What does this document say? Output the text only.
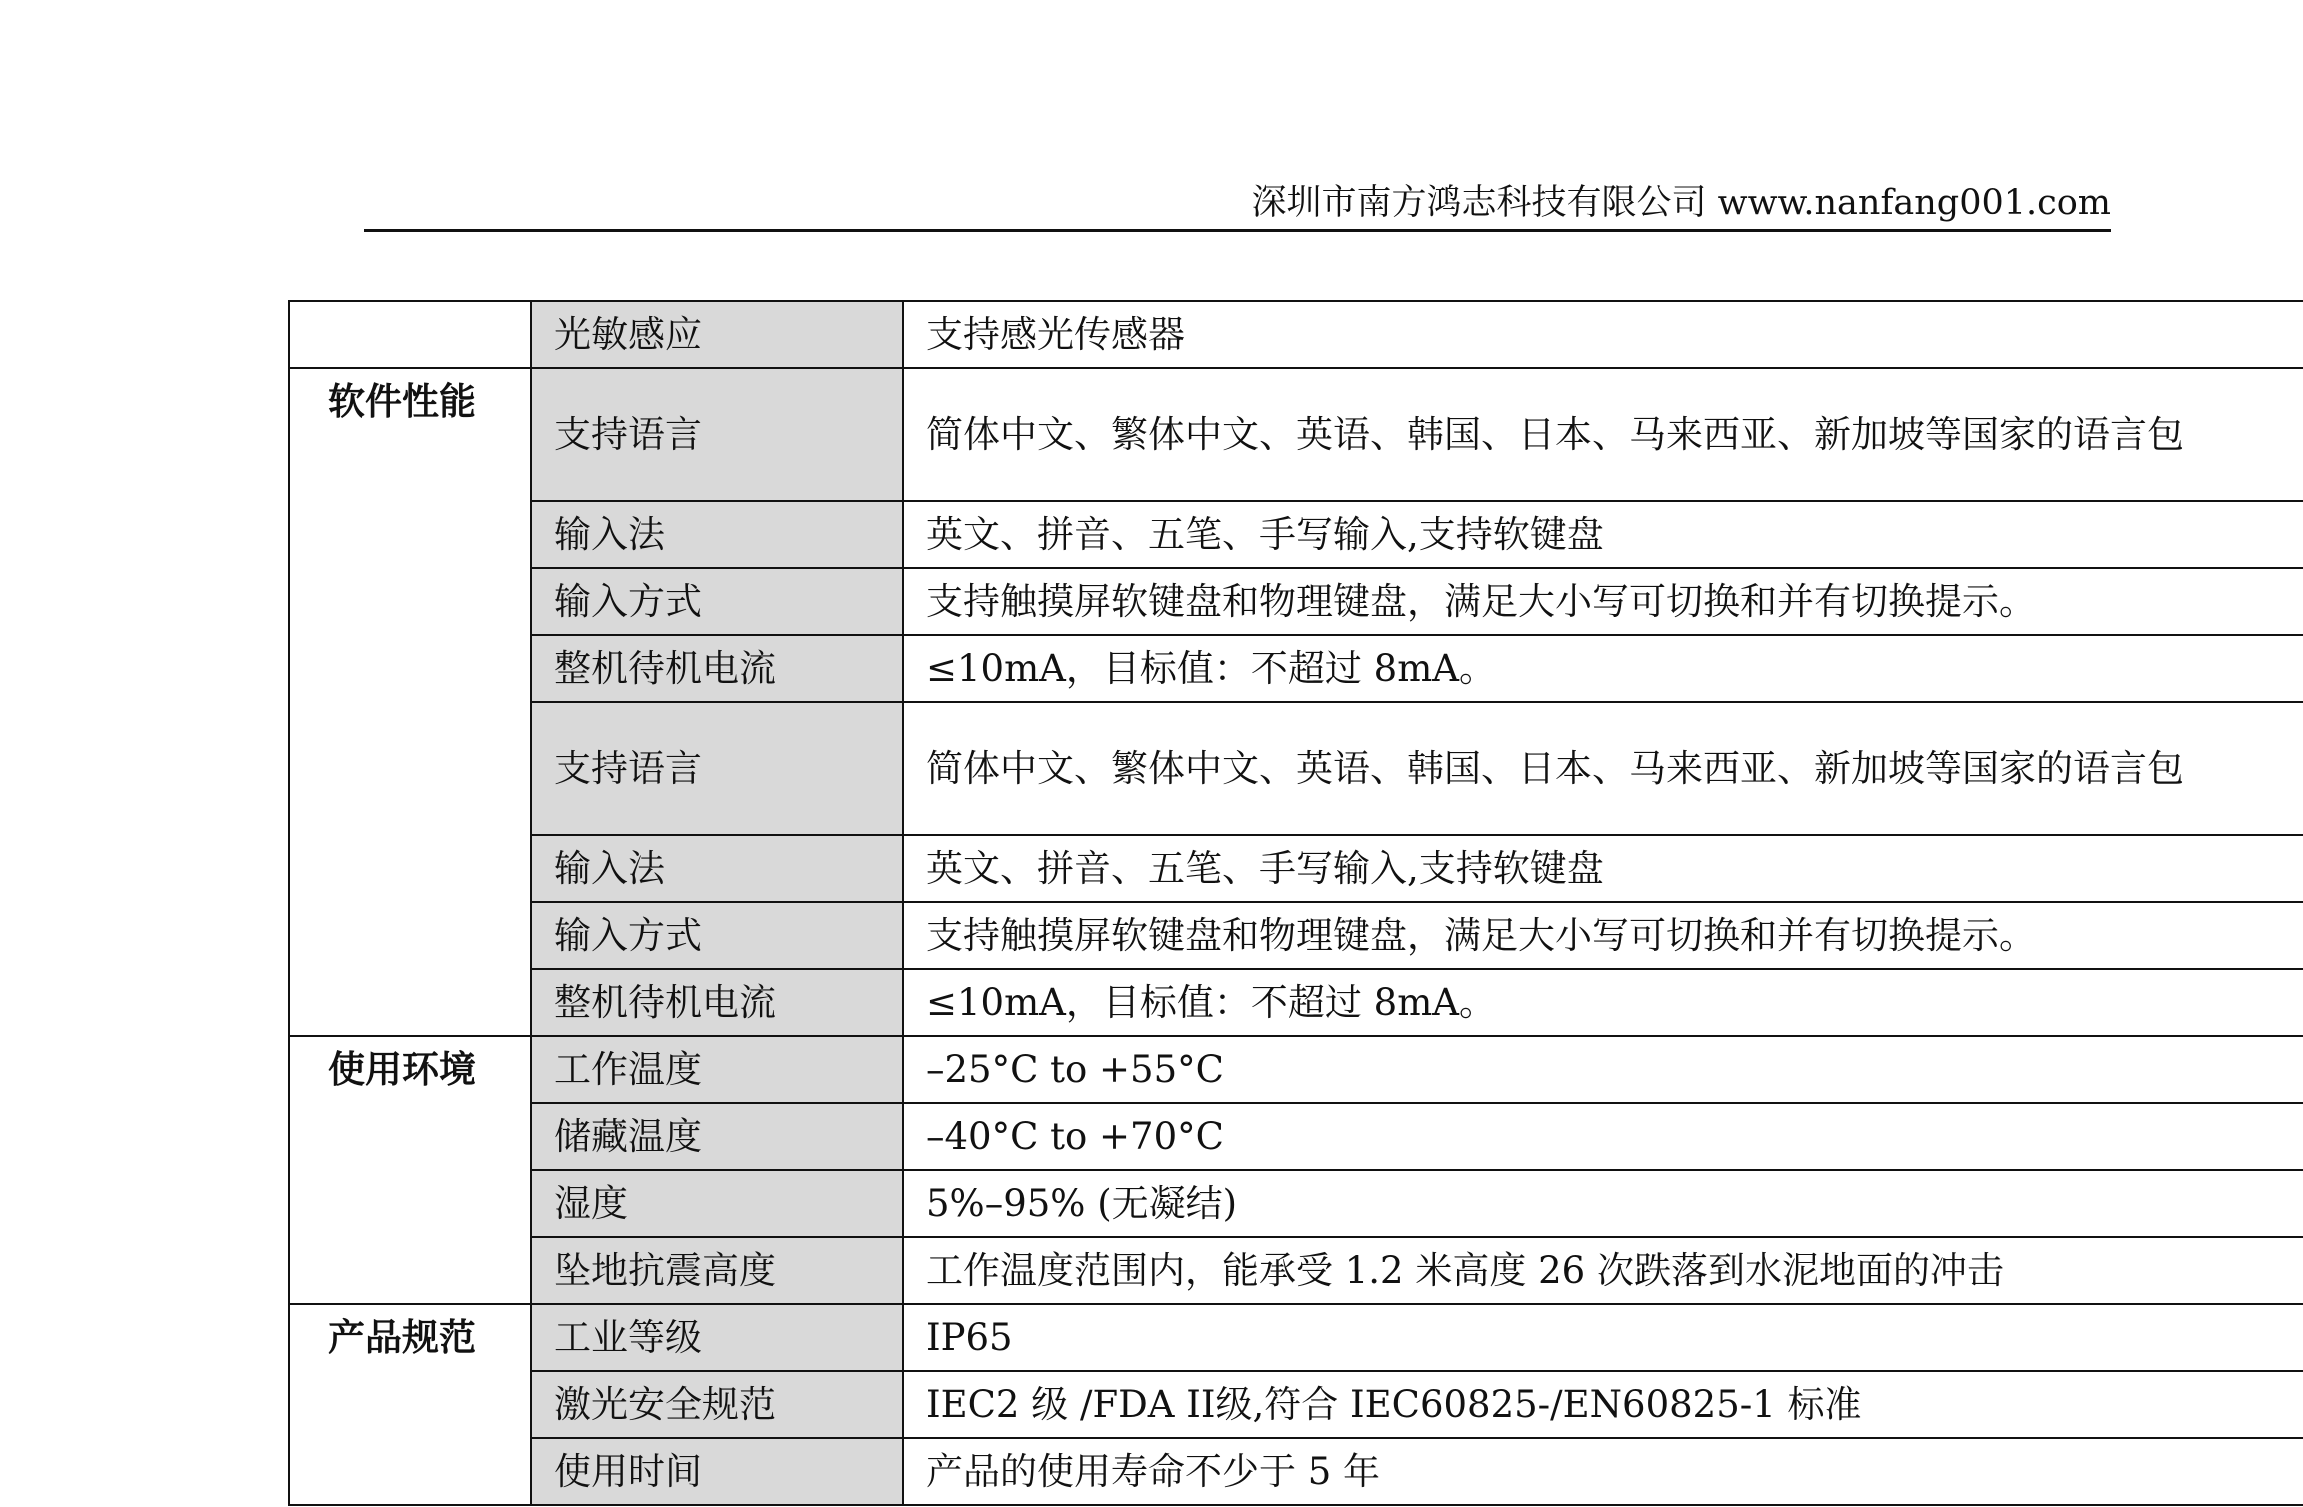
深圳市南方鸿志科技有限公司 www.nanfang001.com
	光敏感应	支持感光传感器
软件性能	支持语言	简体中文、繁体中文、英语、韩国、日本、马来西亚、新加坡等国家的语言包
	输入法	英文、拼音、五笔、手写输入,支持软键盘
	输入方式	支持触摸屏软键盘和物理键盘，满足大小写可切换和并有切换提示。
	整机待机电流	≤10mA，目标值：不超过 8mA。
	支持语言	简体中文、繁体中文、英语、韩国、日本、马来西亚、新加坡等国家的语言包
	输入法	英文、拼音、五笔、手写输入,支持软键盘
	输入方式	支持触摸屏软键盘和物理键盘，满足大小写可切换和并有切换提示。
	整机待机电流	≤10mA，目标值：不超过 8mA。
使用环境	工作温度	–25°C to +55°C
	储藏温度	–40°C to +70°C
	湿度	5%–95% (无凝结)
	坠地抗震高度	工作温度范围内，能承受 1.2 米高度 26 次跌落到水泥地面的冲击
产品规范	工业等级	IP65
	激光安全规范	IEC2 级 /FDA II级,符合 IEC60825-/EN60825-1 标准
	使用时间	产品的使用寿命不少于 5 年
